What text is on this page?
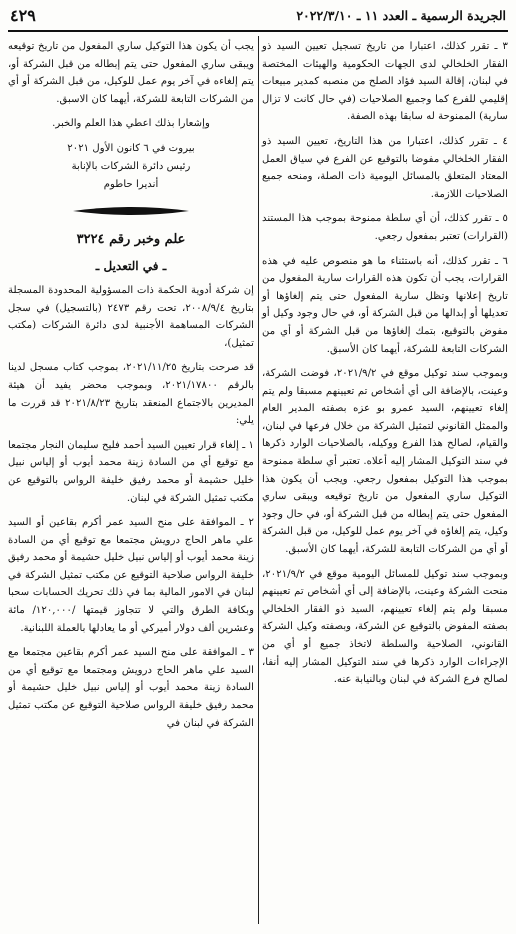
الجريدة الرسمية ـ العدد ١١ ـ ٢٠٢٢/٣/١٠
٤٢٩

٣ ـ تقرر كذلك، اعتبارا من تاريخ تسجيل تعيين السيد ذو الفقار الخلخالي لدى الجهات الحكومية والهيئات المختصة في لبنان، إقالة السيد فؤاد الصلح من منصبه كمدير مبيعات إقليمي للفرع كما وجميع الصلاحيات (في حال كانت لا تزال سارية) الممنوحة له سابقا بهذه الصفة.

٤ ـ تقرر كذلك، اعتبارا من هذا التاريخ، تعيين السيد ذو الفقار الخلخالي مفوضا بالتوقيع عن الفرع في سياق العمل المعتاد المتعلق بالمسائل اليومية ذات الصلة، ومنحه جميع الصلاحيات اللازمة.

٥ ـ تقرر كذلك، أن أي سلطة ممنوحة بموجب هذا المستند (القرارات) تعتبر بمفعول رجعي.

٦ ـ تقرر كذلك، أنه باستثناء ما هو منصوص عليه في هذه القرارات، يجب أن تكون هذه القرارات سارية المفعول من تاريخ إعلانها وتظل سارية المفعول حتى يتم إلغاؤها أو تعديلها أو إبدالها من قبل الشركة أو، في حال وجود وكيل أو مفوض بالتوقيع، بتمك إلغاؤها من قبل الشركة أو أي من الشركات التابعة للشركة، أيهما كان الأسبق.

وبموجب سند توكيل موقع في ٢٠٢١/٩/٢، فوضت الشركة، وعينت، بالإضافة الى أي أشخاص تم تعيينهم مسبقا ولم يتم إلغاء تعيينهم، السيد عمرو بو عزه بصفته المدير العام والممثل القانوني لتمثيل الشركة من خلال فرعها في لبنان، والقيام، لصالح هذا الفرع ووكيله، بالصلاحيات الوارد ذكرها في سند التوكيل المشار إليه أعلاه. تعتبر أي سلطة ممنوحة بموجب هذا التوكيل بمفعول رجعي. ويجب أن يكون هذا التوكيل ساري المفعول من تاريخ توقيعه ويبقى ساري المفعول حتى يتم إبطاله من قبل الشركة أو، في حال وجود وكيل، يتم إلغاؤه في آخر يوم عمل للوكيل، من قبل الشركة أو أي من الشركات التابعة للشركة، أيهما كان الأسبق.

وبموجب سند توكيل للمسائل اليومية موقع في ٢٠٢١/٩/٢، منحت الشركة وعينت، بالإضافة إلى أي أشخاص تم تعيينهم مسبقا ولم يتم إلغاء تعيينهم، السيد ذو الفقار الخلخالي بصفته المفوض بالتوقيع عن الشركة، وبصفته وكيل الشركة القانوني، الصلاحية والسلطة لاتخاذ جميع أو أي من الإجراءات الوارد ذكرها في سند التوكيل المشار إليه أنفا، لصالح فرع الشركة في لبنان وبالنيابة عنه.

يجب أن يكون هذا التوكيل ساري المفعول من تاريخ توقيعه ويبقى ساري المفعول حتى يتم إبطاله من قبل الشركة أو، يتم إلغاءه في آخر يوم عمل للوكيل، من قبل الشركة أو أي من الشركات التابعة للشركة، أيهما كان الاسبق.

وإشعارا بذلك اعطي هذا العلم والخبر.

بيروت في ٦ كانون الأول ٢٠٢١
رئيس دائرة الشركات بالإنابة
أنديرا حاطوم

علم وخبر رقم ٣٢٢٤

ـ في التعديل ـ

إن شركة أدوية الحكمة ذات المسؤولية المحدودة المسجلة بتاريخ ٢٠٠٨/٩/٤، تحت رقم ٢٤٧٣ (بالتسجيل) في سجل الشركات المساهمة الأجنبية لدى دائرة الشركات (مكتب تمثيل)،

قد صرحت بتاريخ ٢٠٢١/١١/٢٥، بموجب كتاب مسجل لدينا بالرقم ٢٠٢١/١٧٨٠٠، وبموجب محضر يفيد أن هيئة المديرين بالاجتماع المنعقد بتاريخ ٢٠٢١/٨/٢٣ قد قررت ما يلي:

١ ـ إلغاء قرار تعيين السيد أحمد فليح سليمان النجار مجتمعا مع توقيع أي من السادة زينة محمد أيوب أو إلياس نبيل خليل حشيمة أو محمد رفيق خليفة الرواس بالتوقيع عن مكتب تمثيل الشركة في لبنان.

٢ ـ الموافقة على منح السيد عمر أكرم بقاعين أو السيد علي ماهر الحاج درويش مجتمعا مع توقيع أي من السادة زينة محمد أيوب أو إلياس نبيل خليل حشيمة أو محمد رفيق خليفة الرواس صلاحية التوقيع عن مكتب تمثيل الشركة في لبنان في الامور المالية بما في ذلك تحريك الحسابات سحبا وبكافة الطرق والتي لا تتجاوز قيمتها /١٢٠,٠٠٠/ مائة وعشرين ألف دولار أميركي أو ما يعادلها بالعملة اللبنانية.

٣ ـ الموافقة على منح السيد عمر أكرم بقاعين مجتمعا مع السيد علي ماهر الحاج درويش ومجتمعا مع توقيع أي من السادة زينة محمد أيوب أو إلياس نبيل خليل حشيمة أو محمد رفيق خليفة الرواس صلاحية التوقيع عن مكتب تمثيل الشركة في لبنان في
